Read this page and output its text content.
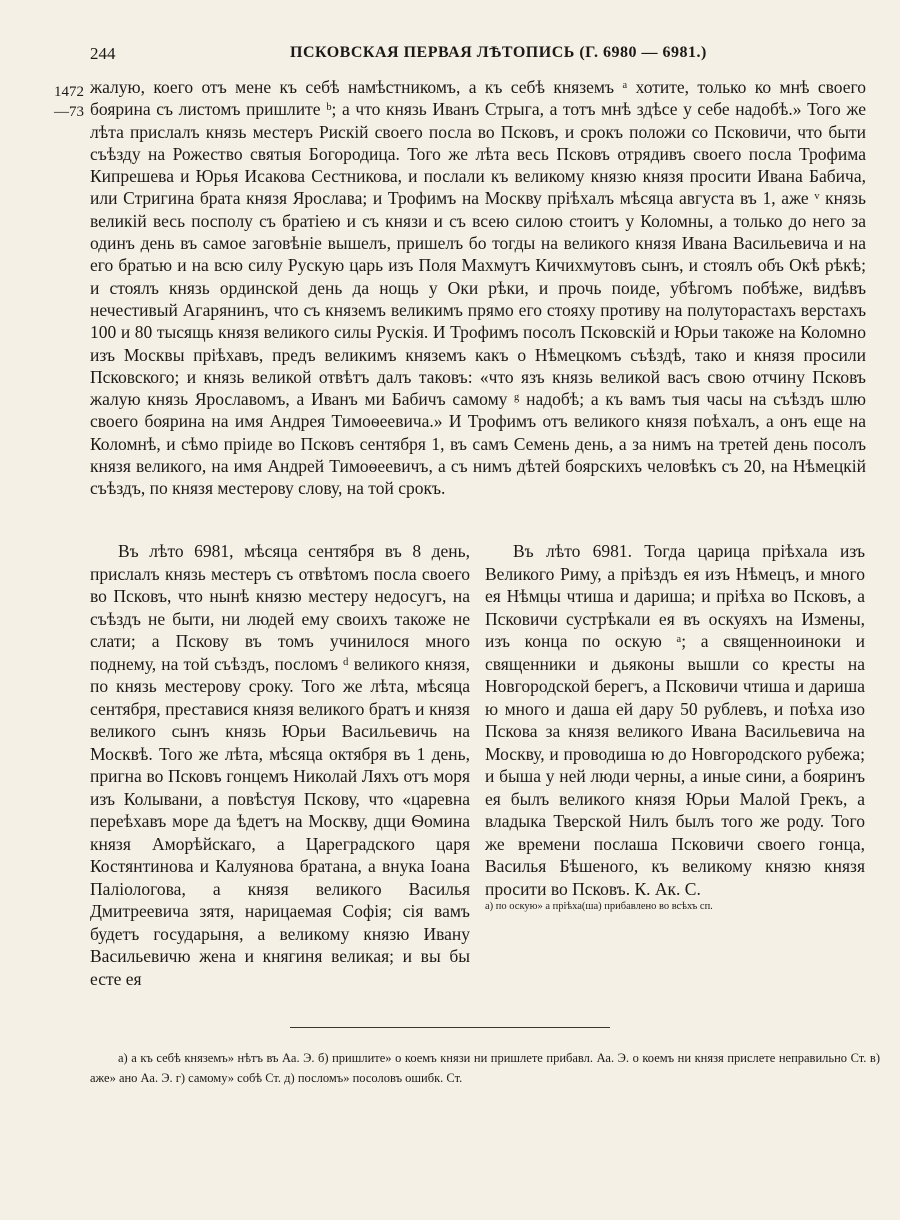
244	ПСКОВСКАЯ ПЕРВАЯ ЛѢТОПИСЬ (Г. 6980 — 6981.)
1472 —73

жалую, коего отъ мене къ себѣ намѣстникомъ, а къ себѣ княземъ ᵃ хотите, только ко мнѣ своего боярина съ листомъ пришлите ᵇ; а что князь Иванъ Стрыга, а тотъ мнѣ здѣсе у себе надобѣ.» Того же лѣта прислалъ князь местеръ Рискій своего посла во Псковъ, и срокъ положи со Псковичи, что быти съѣзду на Рожество святыя Богородица. Того же лѣта весь Псковъ отрядивъ своего посла Трофима Кипрешева и Юрья Исакова Сестникова, и послали къ великому князю князя просити Ивана Бабича, или Стригина брата князя Ярослава; и Трофимъ на Москву пріѣхалъ мѣсяца августа въ 1, аже ᵛ князь великій весь посполу съ братіею и съ князи и съ всею силою стоитъ у Коломны, а только до него за одинъ день въ самое заговѣніе вышелъ, пришелъ бо тогды на великого князя Ивана Васильевича и на его братью и на всю силу Рускую царь изъ Поля Махмутъ Кичихмутовъ сынъ, и стоялъ объ Окѣ рѣкѣ; и стоялъ князь ординской день да нощь у Оки рѣки, и прочь поиде, убѣгомъ побѣже, видѣвъ нечестивый Агарянинъ, что съ княземъ великимъ прямо его стояху противу на полуторастахъ верстахъ 100 и 80 тысящь князя великого силы Рускія. И Трофимъ посолъ Псковскій и Юрьи такоже на Коломно изъ Москвы пріѣхавъ, предъ великимъ княземъ какъ о Нѣмецкомъ съѣздѣ, тако и князя просили Псковского; и князь великой отвѣтъ далъ таковъ: «что язъ князь великой васъ свою отчину Псковъ жалую князь Ярославомъ, а Иванъ ми Бабичъ самому ᵍ надобѣ; а къ вамъ тыя часы на съѣздъ шлю своего боярина на имя Андрея Тимоѳеевича.» И Трофимъ отъ великого князя поѣхалъ, а онъ еще на Коломнѣ, и сѣмо пріиде во Псковъ сентября 1, въ самъ Семень день, а за нимъ на третей день посолъ князя великого, на имя Андрей Тимоѳеевичъ, а съ нимъ дѣтей боярскихъ человѣкъ съ 20, на Нѣмецкій съѣздъ, по князя местерову слову, на той срокъ.

Въ лѣто 6981, мѣсяца сентября въ 8 день, прислалъ князь местеръ съ отвѣтомъ посла своего во Псковъ, что нынѣ князю местеру недосугъ, на съѣздъ не быти, ни людей ему своихъ такоже не слати; а Пскову въ томъ учинилося много поднему, на той съѣздъ, посломъ ᵈ великого князя, по князь местерову сроку. Того же лѣта, мѣсяца сентября, преставися князя великого братъ и князя великого сынъ князь Юрьи Васильевичь на Москвѣ. Того же лѣта, мѣсяца октября въ 1 день, пригна во Псковъ гонцемъ Николай Ляхъ отъ моря изъ Колывани, а повѣстуя Пскову, что «царевна переѣхавъ море да ѣдетъ на Москву, дщи Ѳомина князя Аморѣйскаго, а Цареградского царя Костянтинова и Калуянова братана, а внука Іоана Паліологова, а князя великого Василья Дмитреевича зятя, нарицаемая Софія; сія вамъ будетъ государыня, а великому князю Ивану Васильевичю жена и княгиня великая; и вы бы естe ея

Въ лѣто 6981. Тогда царица пріѣхала изъ Великого Риму, а пріѣздъ ея изъ Нѣмецъ, и много ея Нѣмцы чтиша и дариша; и пріѣха во Псковъ, а Псковичи сустрѣкали ея въ оскуяхъ на Измены, изъ конца по оскую ᵃ; а священноиноки и священники и дьяконы вышли со кресты на Новгородской берегъ, а Псковичи чтиша и дариша ю много и даша ей дару 50 рублевъ, и поѣха изо Пскова за князя великого Ивана Васильевича на Москву, и проводиша ю до Новгородского рубежа; и быша у ней люди черны, а иные сини, а бояринъ ея былъ великого князя Юрьи Малой Грекъ, а владыка Тверской Нилъ былъ того же роду. Того же времени послаша Псковичи своего гонца, Василья Бѣшеного, къ великому князю князя просити во Псковъ. К. Ак. С.

а) по оскую» а пріѣха(ша) прибавлено во всѣхъ сп.

а) а къ себѣ княземъ» нѣтъ въ Аа. Э. б) пришлите» о коемъ князи ни пришлете прибавл. Аа. Э. о коемъ ни князя прислете неправильно Ст. в) аже» ано Аа. Э. г) самому» собѣ Ст. д) посломъ» посоловъ ошибк. Ст.
